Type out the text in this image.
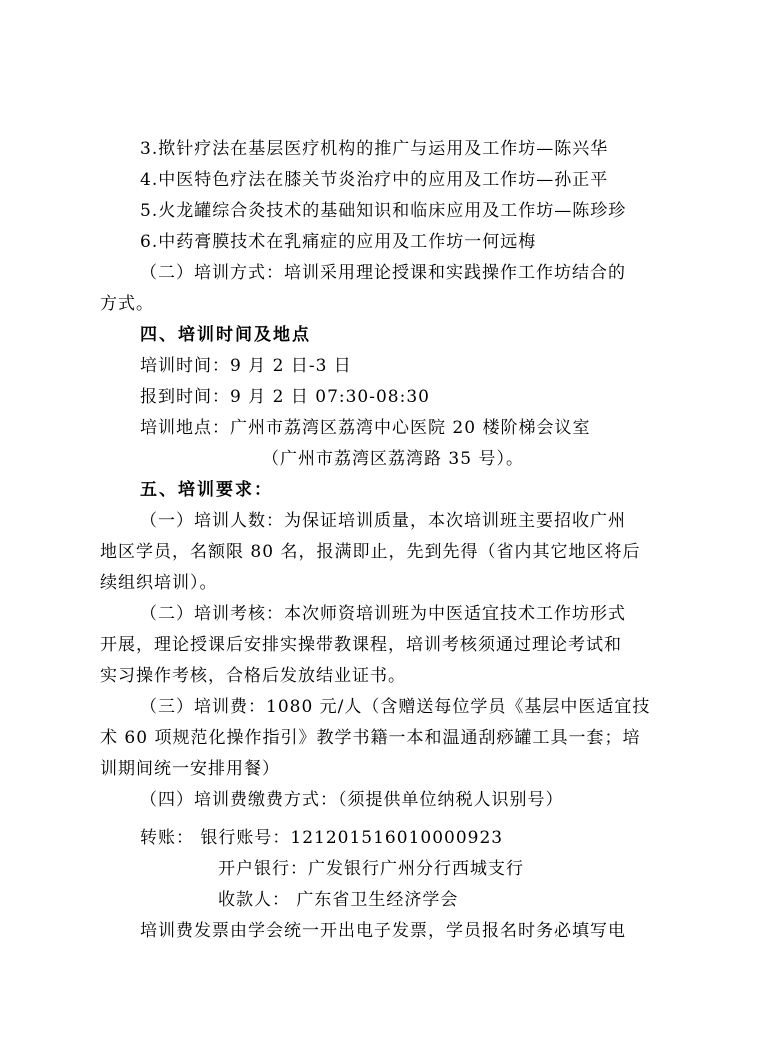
3.揿针疗法在基层医疗机构的推广与运用及工作坊—陈兴华
4.中医特色疗法在膝关节炎治疗中的应用及工作坊—孙正平
5.火龙罐综合灸技术的基础知识和临床应用及工作坊—陈珍珍
6.中药膏膜技术在乳痛症的应用及工作坊一何远梅
（二）培训方式：培训采用理论授课和实践操作工作坊结合的
方式。
四、培训时间及地点
培训时间：9 月 2 日-3 日
报到时间：9 月 2 日 07:30-08:30
培训地点：广州市荔湾区荔湾中心医院 20 楼阶梯会议室
（广州市荔湾区荔湾路 35 号）。
五、培训要求：
（一）培训人数：为保证培训质量，本次培训班主要招收广州
地区学员，名额限 80 名，报满即止，先到先得（省内其它地区将后
续组织培训）。
（二）培训考核：本次师资培训班为中医适宜技术工作坊形式
开展，理论授课后安排实操带教课程，培训考核须通过理论考试和
实习操作考核，合格后发放结业证书。
（三）培训费：1080 元/人（含赠送每位学员《基层中医适宜技
术 60 项规范化操作指引》教学书籍一本和温通刮痧罐工具一套；培
训期间统一安排用餐）
（四）培训费缴费方式：（须提供单位纳税人识别号）
转账： 银行账号：121201516010000923
开户银行：广发银行广州分行西城支行
收款人： 广东省卫生经济学会
培训费发票由学会统一开出电子发票，学员报名时务必填写电
